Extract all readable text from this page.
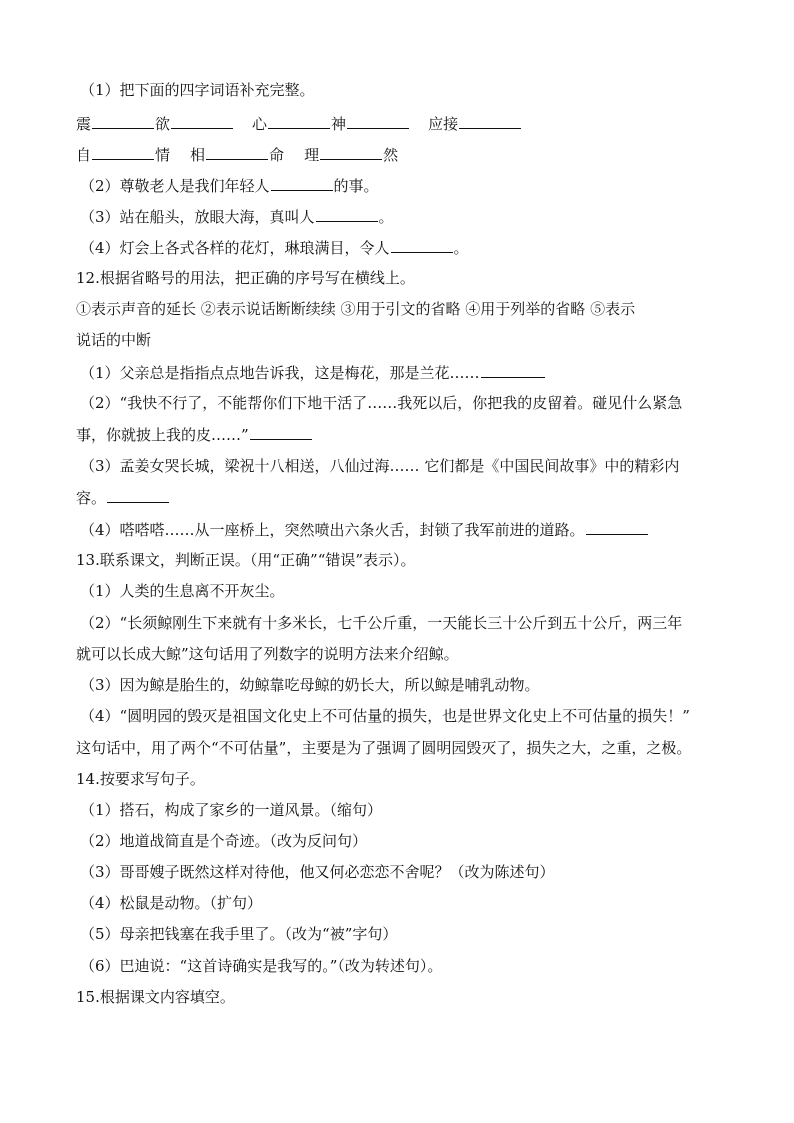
（1）把下面的四字词语补充完整。
震	欲	心	神	应接
自	情 相	命 理	然
（2）尊敬老人是我们年轻人	的事。
（3）站在船头，放眼大海，真叫人	。
（4）灯会上各式各样的花灯，琳琅满目，令人	。
12.根据省略号的用法，把正确的序号写在横线上。
①表示声音的延长 ②表示说话断断续续 ③用于引文的省略 ④用于列举的省略 ⑤表示
说话的中断
（1）父亲总是指指点点地告诉我，这是梅花，那是兰花……
（2）“我快不行了，不能帮你们下地干活了……我死以后，你把我的皮留着。碰见什么紧急
事，你就披上我的皮……”
（3）孟姜女哭长城，梁祝十八相送，八仙过海…… 它们都是《中国民间故事》中的精彩内
容。
（4）嗒嗒嗒……从一座桥上，突然喷出六条火舌，封锁了我军前进的道路。
13.联系课文，判断正误。（用“正确”“错误”表示）。
（1）人类的生息离不开灰尘。
（2）“长须鲸刚生下来就有十多米长，七千公斤重，一天能长三十公斤到五十公斤，两三年
就可以长成大鲸”这句话用了列数字的说明方法来介绍鲸。
（3）因为鲸是胎生的，幼鲸靠吃母鲸的奶长大，所以鲸是哺乳动物。
（4）“圆明园的毁灭是祖国文化史上不可估量的损失，也是世界文化史上不可估量的损失！”
这句话中，用了两个“不可估量”，主要是为了强调了圆明园毁灭了，损失之大，之重，之极。
14.按要求写句子。
（1）搭石，构成了家乡的一道风景。（缩句）
（2）地道战简直是个奇迹。（改为反问句）
（3）哥哥嫂子既然这样对待他，他又何必恋恋不舍呢？（改为陈述句）
（4）松鼠是动物。（扩句）
（5）母亲把钱塞在我手里了。（改为“被”字句）
（6）巴迪说：“这首诗确实是我写的。”（改为转述句）。
15.根据课文内容填空。
